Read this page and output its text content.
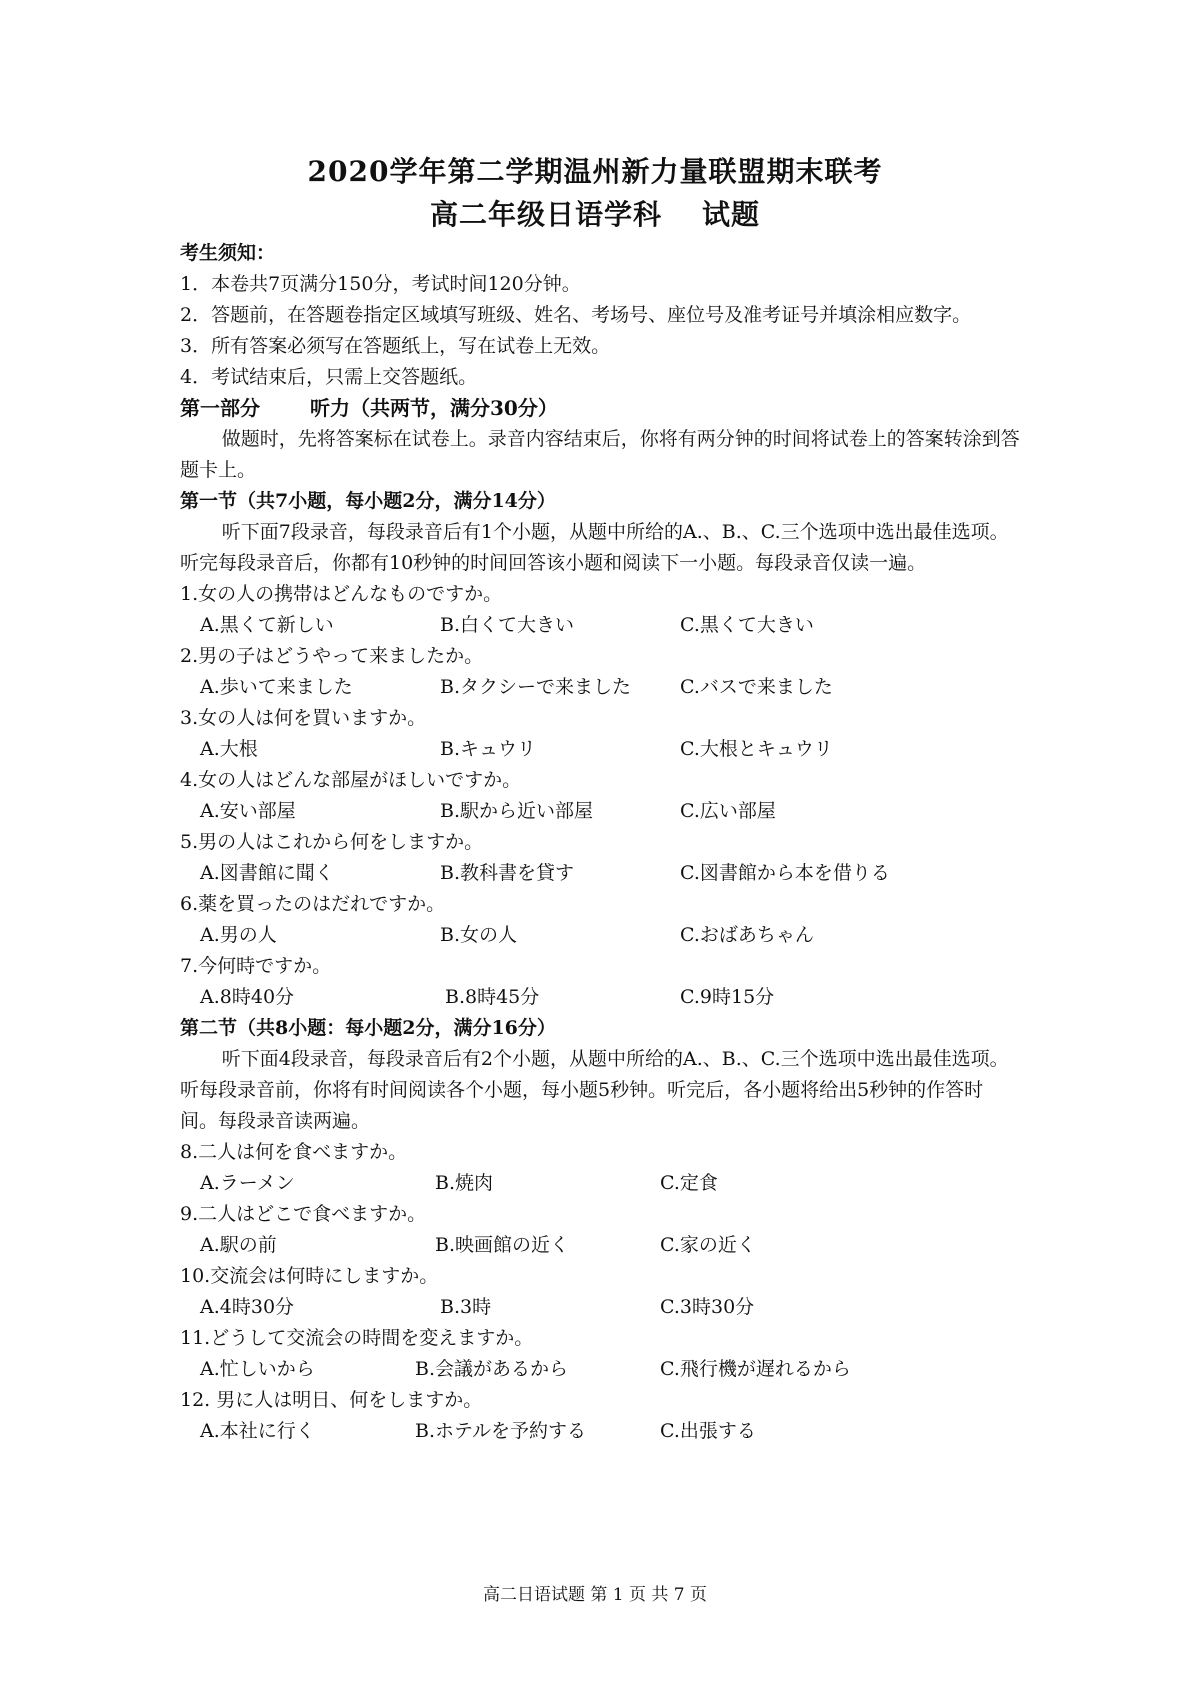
2020学年第二学期温州新力量联盟期末联考
高二年级日语学科 试题

考生须知：

1．本卷共7页满分150分，考试时间120分钟。

2．答题前，在答题卷指定区域填写班级、姓名、考场号、座位号及准考证号并填涂相应数字。

3．所有答案必须写在答题纸上，写在试卷上无效。

4．考试结束后，只需上交答题纸。

第一部分	听力（共两节，满分30分）

做题时，先将答案标在试卷上。录音内容结束后，你将有两分钟的时间将试卷上的答案转涂到答题卡上。

第一节（共7小题，每小题2分，满分14分）

听下面7段录音，每段录音后有1个小题，从题中所给的A.、B.、C.三个选项中选出最佳选项。听完每段录音后，你都有10秒钟的时间回答该小题和阅读下一小题。每段录音仅读一遍。

1.女の人の携帯はどんなものですか。

A.黒くて新しい	B.白くて大きい	C.黒くて大きい

2.男の子はどうやって来ましたか。

A.歩いて来ました	B.タクシーで来ました	C.バスで来ました

3.女の人は何を買いますか。

A.大根	B.キュウリ	C.大根とキュウリ

4.女の人はどんな部屋がほしいですか。

A.安い部屋	B.駅から近い部屋	C.広い部屋

5.男の人はこれから何をしますか。

A.図書館に聞く	B.教科書を貸す	C.図書館から本を借りる

6.薬を買ったのはだれですか。

A.男の人	B.女の人	C.おばあちゃん

7.今何時ですか。

A.8時40分	B.8時45分	C.9時15分

第二节（共8小题：每小题2分，满分16分）

听下面4段录音，每段录音后有2个小题，从题中所给的A.、B.、C.三个选项中选出最佳选项。听每段录音前，你将有时间阅读各个小题，每小题5秒钟。听完后，各小题将给出5秒钟的作答时间。每段录音读两遍。

8.二人は何を食べますか。

A.ラーメン	B.焼肉	C.定食

9.二人はどこで食べますか。

A.駅の前	B.映画館の近く	C.家の近く

10.交流会は何時にしますか。

A.4時30分	B.3時	C.3時30分

11.どうして交流会の時間を変えますか。

A.忙しいから	B.会議があるから	C.飛行機が遅れるから

12. 男に人は明日、何をしますか。

A.本社に行く	B.ホテルを予約する	C.出張する
高二日语试题 第 1 页 共 7 页
